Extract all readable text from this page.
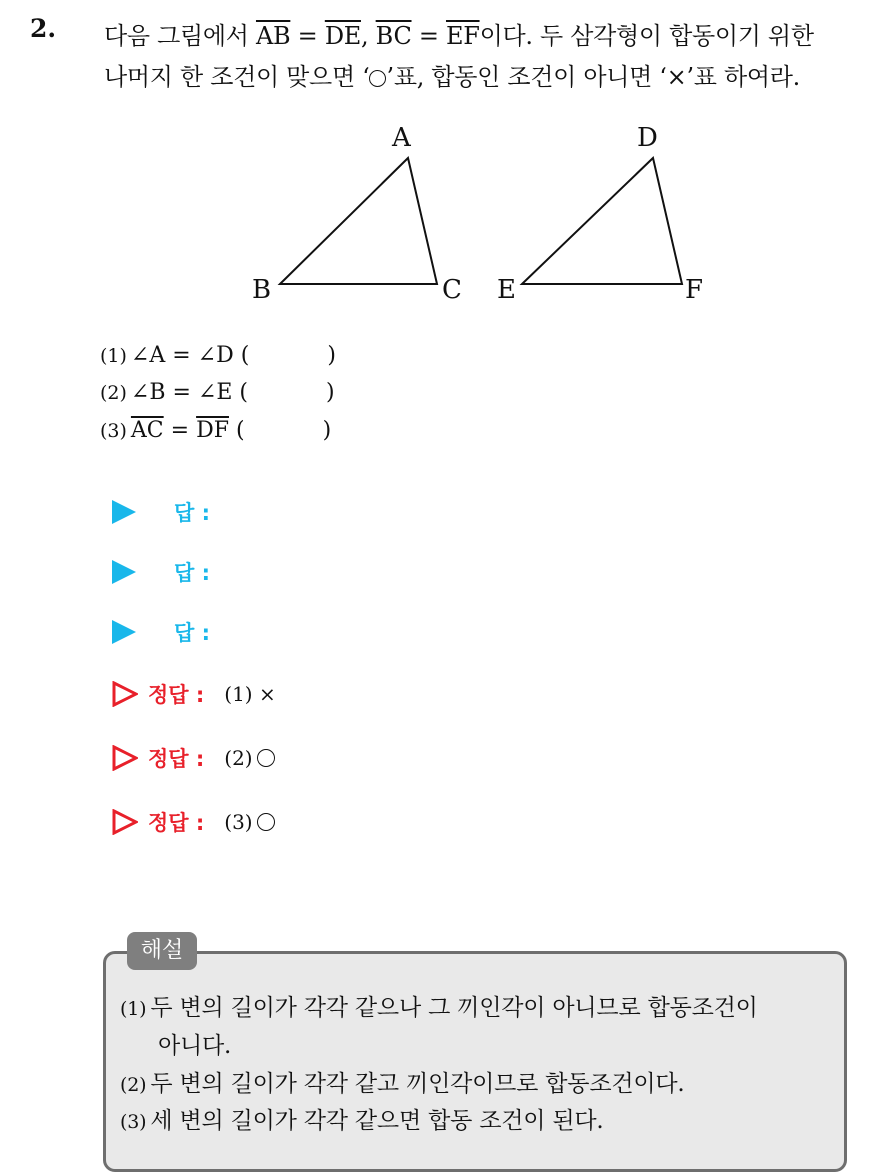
2. 다음 그림에서 $\overline{AB} = \overline{DE}$, $\overline{BC} = \overline{EF}$이다. 두 삼각형이 합동이기 위한
나머지 한 조건이 맞으면 ‘ ’표, 합동인 조건이 아니면 ‘×’표 하여라.
A
B	C
D
E	F
(1) ∠A = ∠D (	)
(2) ∠B = ∠E (	)
(3) $\overline{AC} = \overline{DF}$ (	)
답 :
답 :
답 :
정답 : (1) ×
정답 : (2)
정답 : (3)
해설
(1) 두 변의 길이가 각각 같으나 그 끼인각이 아니므로 합동조건이
아니다.
(2) 두 변의 길이가 각각 같고 끼인각이므로 합동조건이다.
(3) 세 변의 길이가 각각 같으면 합동 조건이 된다.
